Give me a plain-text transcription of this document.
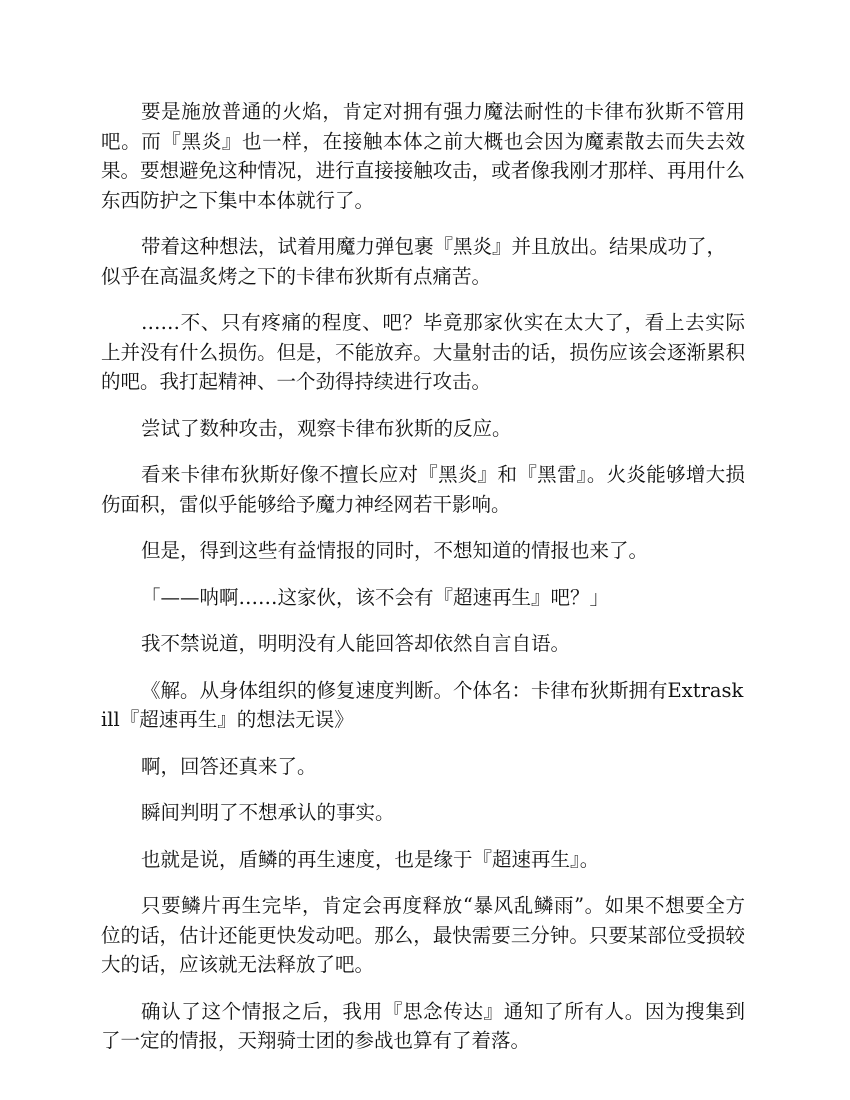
要是施放普通的火焰，肯定对拥有强力魔法耐性的卡律布狄斯不管用吧。而『黑炎』也一样，在接触本体之前大概也会因为魔素散去而失去效果。要想避免这种情况，进行直接接触攻击，或者像我刚才那样、再用什么东西防护之下集中本体就行了。

带着这种想法，试着用魔力弹包裹『黑炎』并且放出。结果成功了，似乎在高温炙烤之下的卡律布狄斯有点痛苦。

……不、只有疼痛的程度、吧？毕竟那家伙实在太大了，看上去实际上并没有什么损伤。但是，不能放弃。大量射击的话，损伤应该会逐渐累积的吧。我打起精神、一个劲得持续进行攻击。

尝试了数种攻击，观察卡律布狄斯的反应。

看来卡律布狄斯好像不擅长应对『黑炎』和『黑雷』。火炎能够增大损伤面积，雷似乎能够给予魔力神经网若干影响。

但是，得到这些有益情报的同时，不想知道的情报也来了。

「——呐啊……这家伙，该不会有『超速再生』吧？」

我不禁说道，明明没有人能回答却依然自言自语。

《解。从身体组织的修复速度判断。个体名：卡律布狄斯拥有Extraskill『超速再生』的想法无误》

啊，回答还真来了。

瞬间判明了不想承认的事实。

也就是说，盾鳞的再生速度，也是缘于『超速再生』。

只要鳞片再生完毕，肯定会再度释放“暴风乱鳞雨”。如果不想要全方位的话，估计还能更快发动吧。那么，最快需要三分钟。只要某部位受损较大的话，应该就无法释放了吧。

确认了这个情报之后，我用『思念传达』通知了所有人。因为搜集到了一定的情报，天翔骑士团的参战也算有了着落。
